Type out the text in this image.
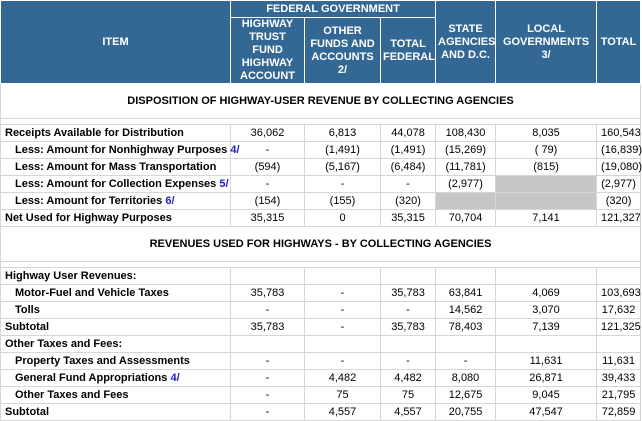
ITEM	FEDERAL GOVERNMENT			STATE AGENCIES AND D.C.	LOCAL GOVERNMENTS 3/	TOTAL
	HIGHWAY TRUST FUND HIGHWAY ACCOUNT	OTHER FUNDS AND ACCOUNTS 2/	TOTAL FEDERAL			
DISPOSITION OF HIGHWAY-USER REVENUE BY COLLECTING AGENCIES						

Receipts Available for Distribution	36,062	6,813	44,078	108,430	8,035	160,543
Less: Amount for Nonhighway Purposes 4/	-	(1,491)	(1,491)	(15,269)	( 79)	(16,839)
Less: Amount for Mass Transportation	(594)	(5,167)	(6,484)	(11,781)	(815)	(19,080)
Less: Amount for Collection Expenses 5/	-	-	-	(2,977)		(2,977)
Less: Amount for Territories 6/	(154)	(155)	(320)			(320)
Net Used for Highway Purposes	35,315	0	35,315	70,704	7,141	121,327
REVENUES USED FOR HIGHWAYS - BY COLLECTING AGENCIES						

Highway User Revenues:						
Motor-Fuel and Vehicle Taxes	35,783	-	35,783	63,841	4,069	103,693
Tolls	-	-	-	14,562	3,070	17,632
Subtotal	35,783	-	35,783	78,403	7,139	121,325
Other Taxes and Fees:						
Property Taxes and Assessments	-	-	-	-	11,631	11,631
General Fund Appropriations 4/	-	4,482	4,482	8,080	26,871	39,433
Other Taxes and Fees	-	75	75	12,675	9,045	21,795
Subtotal	-	4,557	4,557	20,755	47,547	72,859
